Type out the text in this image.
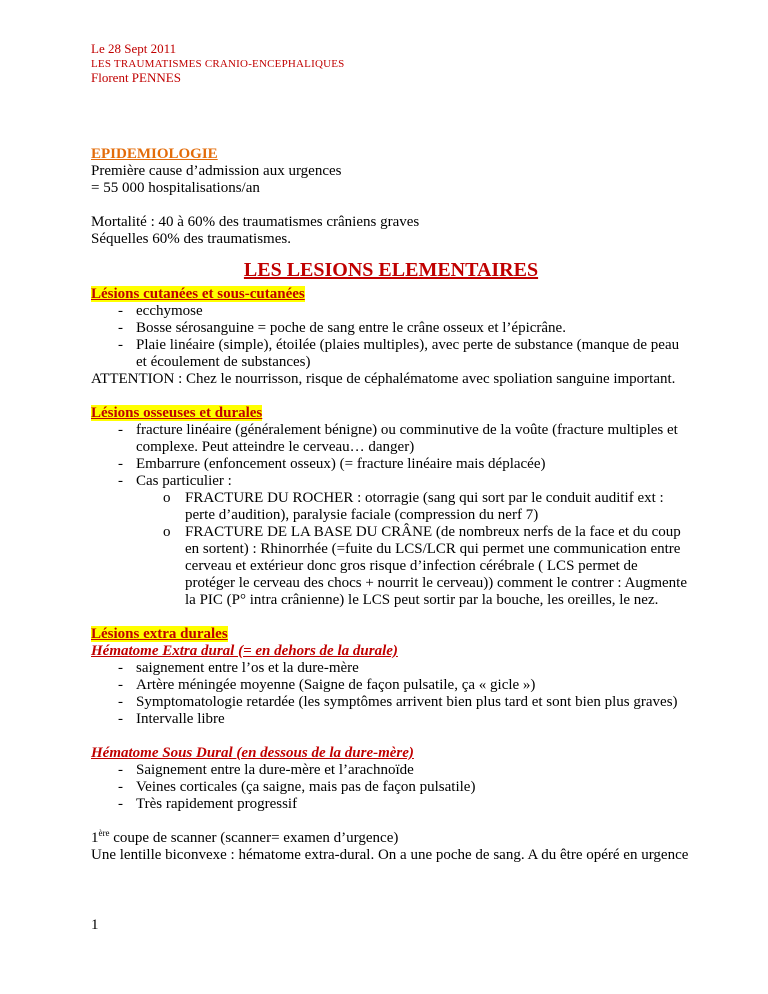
Le 28 Sept 2011
LES TRAUMATISMES CRANIO-ENCEPHALIQUES
Florent PENNES

EPIDEMIOLOGIE

Première cause d’admission aux urgences

= 55 000 hospitalisations/an

Mortalité : 40 à 60% des traumatismes crâniens graves

Séquelles 60% des traumatismes.

LES LESIONS ELEMENTAIRES

Lésions cutanées et sous-cutanées

- ecchymose
- Bosse sérosanguine = poche de sang entre le crâne osseux et l’épicrâne.
- Plaie linéaire (simple), étoilée (plaies multiples), avec perte de substance (manque de peau et écoulement de substances)

ATTENTION : Chez le nourrisson, risque de céphalématome avec spoliation sanguine important.

Lésions osseuses et durales

- fracture linéaire (généralement bénigne) ou comminutive de la voûte (fracture multiples et complexe. Peut atteindre le cerveau… danger)
- Embarrure (enfoncement osseux) (= fracture linéaire mais déplacée)
- Cas particulier :
o FRACTURE DU ROCHER : otorragie (sang qui sort par le conduit auditif ext : perte d’audition), paralysie faciale (compression du nerf 7)
o FRACTURE DE LA BASE DU CRÂNE (de nombreux nerfs de la face et du coup en sortent) : Rhinorrhée (=fuite du LCS/LCR qui permet une communication entre cerveau et extérieur donc gros risque d’infection cérébrale ( LCS permet de protéger le cerveau des chocs + nourrit le cerveau)) comment le contrer : Augmente la PIC (P° intra crânienne) le LCS peut sortir par la bouche, les oreilles, le nez.

Lésions extra durales

Hématome Extra dural (= en dehors de la durale)

- saignement entre l’os et la dure-mère
- Artère méningée moyenne (Saigne de façon pulsatile, ça « gicle »)
- Symptomatologie retardée (les symptômes arrivent bien plus tard et sont bien plus graves)
- Intervalle libre

Hématome Sous Dural (en dessous de la dure-mère)

- Saignement entre la dure-mère et l’arachnoïde
- Veines corticales (ça saigne, mais pas de façon pulsatile)
- Très rapidement progressif

1ère coupe de scanner (scanner= examen d’urgence)

Une lentille biconvexe : hématome extra-dural. On a une poche de sang. A du être opéré en urgence

1
